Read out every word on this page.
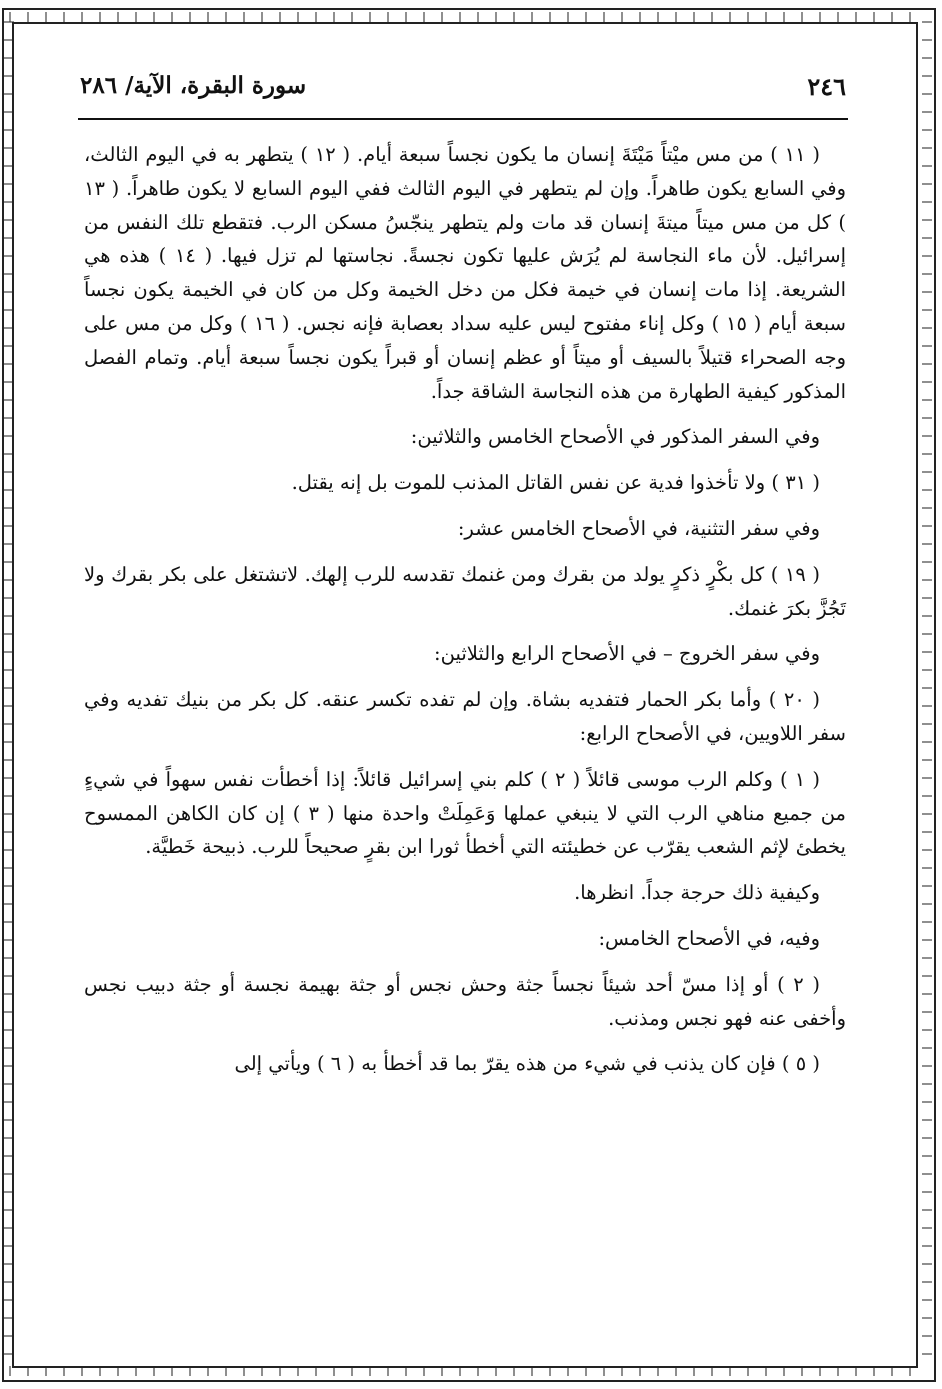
٢٤٦
سورة البقرة، الآية/ ٢٨٦

( ١١ ) من مس ميْتاً مَيْتَةَ إنسان ما يكون نجساً سبعة أيام. ( ١٢ ) يتطهر به في اليوم الثالث، وفي السابع يكون طاهراً. وإن لم يتطهر في اليوم الثالث ففي اليوم السابع لا يكون طاهراً. ( ١٣ ) كل من مس ميتاً ميتةَ إنسان قد مات ولم يتطهر ينجّسُ مسكن الرب. فتقطع تلك النفس من إسرائيل. لأن ماء النجاسة لم يُرَش عليها تكون نجسةً. نجاستها لم تزل فيها. ( ١٤ ) هذه هي الشريعة. إذا مات إنسان في خيمة فكل من دخل الخيمة وكل من كان في الخيمة يكون نجساً سبعة أيام ( ١٥ ) وكل إناء مفتوح ليس عليه سداد بعصابة فإنه نجس. ( ١٦ ) وكل من مس على وجه الصحراء قتيلاً بالسيف أو ميتاً أو عظم إنسان أو قبراً يكون نجساً سبعة أيام. وتمام الفصل المذكور كيفية الطهارة من هذه النجاسة الشاقة جداً.

وفي السفر المذكور في الأصحاح الخامس والثلاثين:

( ٣١ ) ولا تأخذوا فدية عن نفس القاتل المذنب للموت بل إنه يقتل.

وفي سفر التثنية، في الأصحاح الخامس عشر:

( ١٩ ) كل بكْرٍ ذكرٍ يولد من بقرك ومن غنمك تقدسه للرب إلهك. لاتشتغل على بكر بقرك ولا تَجُزَّ بكرَ غنمك.

وفي سفر الخروج – في الأصحاح الرابع والثلاثين:

( ٢٠ ) وأما بكر الحمار فتفديه بشاة. وإن لم تفده تكسر عنقه. كل بكر من بنيك تفديه وفي سفر اللاويين، في الأصحاح الرابع:

( ١ ) وكلم الرب موسى قائلاً ( ٢ ) كلم بني إسرائيل قائلاً: إذا أخطأت نفس سهواً في شيءٍ من جميع مناهي الرب التي لا ينبغي عملها وَعَمِلَتْ واحدة منها ( ٣ ) إن كان الكاهن الممسوح يخطئ لإثم الشعب يقرّب عن خطيئته التي أخطأ ثورا ابن بقرٍ صحيحاً للرب. ذبيحة خَطيَّة.

وكيفية ذلك حرجة جداً. انظرها.

وفيه، في الأصحاح الخامس:

( ٢ ) أو إذا مسّ أحد شيئاً نجساً جثة وحش نجس أو جثة بهيمة نجسة أو جثة دبيب نجس وأخفى عنه فهو نجس ومذنب.

( ٥ ) فإن كان يذنب في شيء من هذه يقرّ بما قد أخطأ به ( ٦ ) ويأتي إلى
